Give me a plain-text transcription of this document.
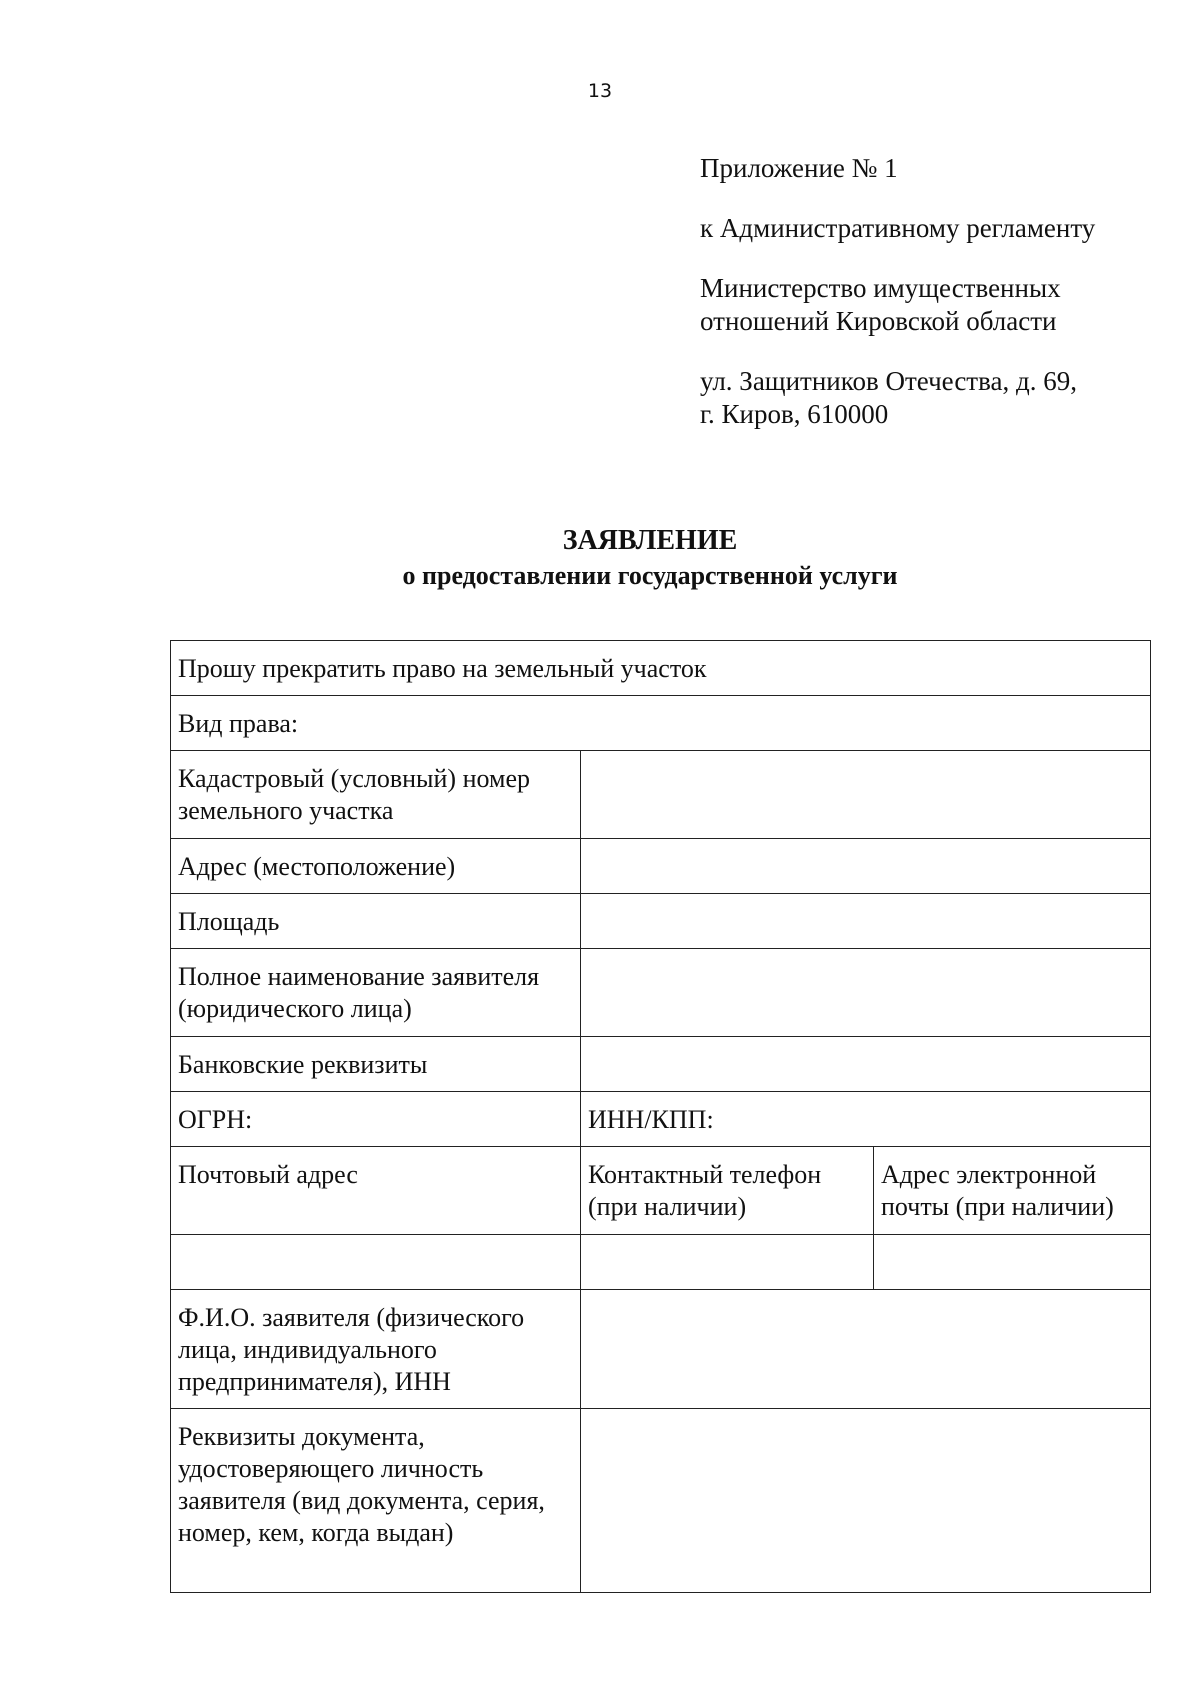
13

Приложение № 1

к Административному регламенту

Министерство имущественных

отношений Кировской области

ул. Защитников Отечества, д. 69,

г. Киров, 610000

ЗАЯВЛЕНИЕ
о предоставлении государственной услуги
Прошу прекратить право на земельный участок		
Вид права:		
Кадастровый (условный) номер земельного участка		
Адрес (местоположение)		
Площадь		
Полное наименование заявителя (юридического лица)		
Банковские реквизиты		
ОГРН:	ИНН/КПП:	
Почтовый адрес	Контактный телефон (при наличии)	Адрес электронной почты (при наличии)

Ф.И.О. заявителя (физического лица, индивидуального предпринимателя), ИНН		
Реквизиты документа, удостоверяющего личность заявителя (вид документа, серия, номер, кем, когда выдан)		
